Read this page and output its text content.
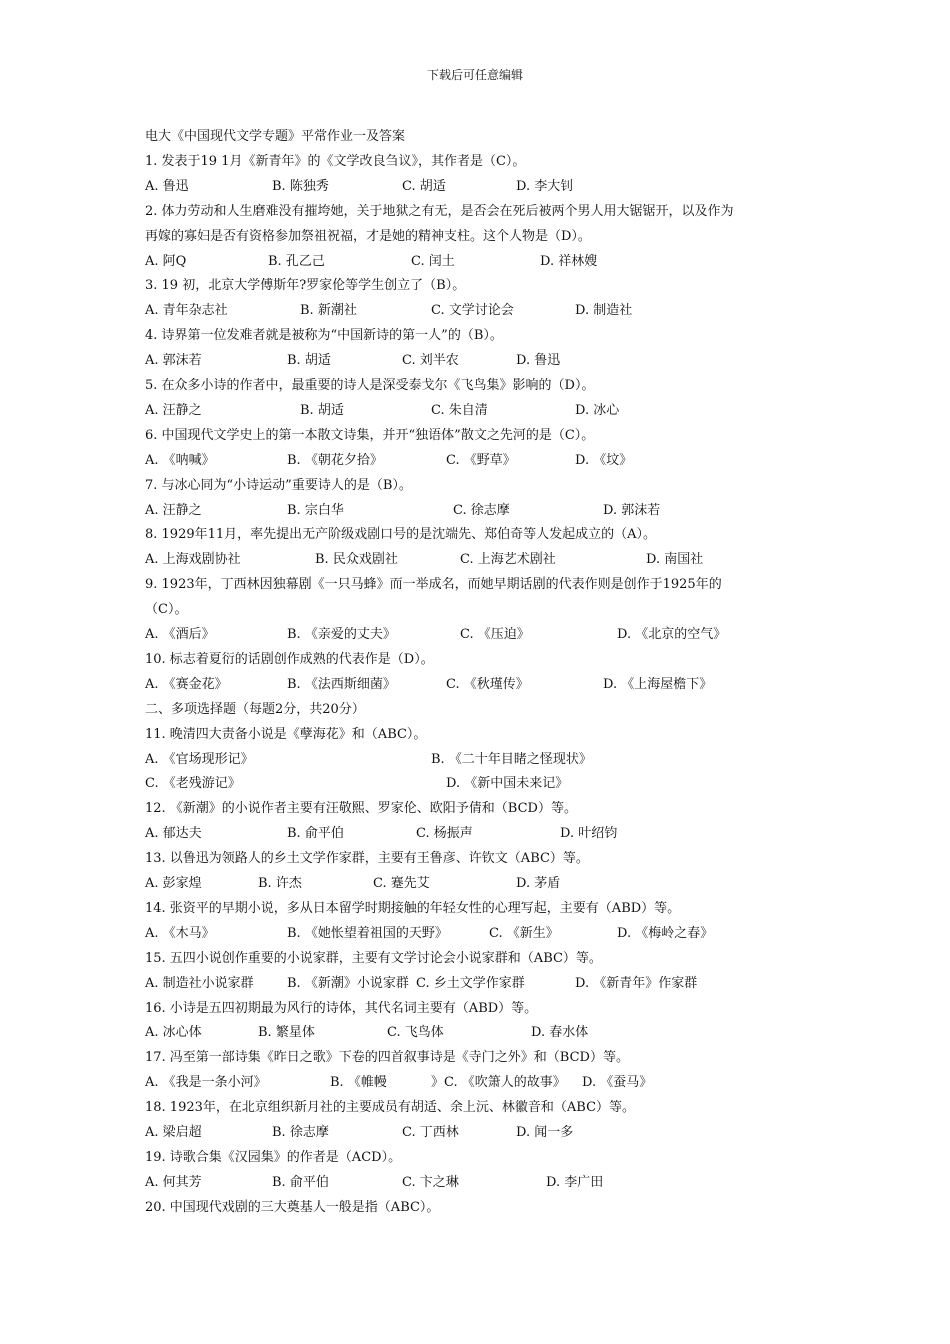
下载后可任意编辑
电大《中国现代文学专题》平常作业一及答案
1. 发表于19 1月《新青年》的《文学改良刍议》，其作者是（C）。
A. 鲁迅	B. 陈独秀	C. 胡适	D. 李大钊
2. 体力劳动和人生磨难没有摧垮她，关于地狱之有无，是否会在死后被两个男人用大锯锯开，以及作为
再嫁的寡妇是否有资格参加祭祖祝福，才是她的精神支柱。这个人物是（D）。
A. 阿Q	B. 孔乙己	C. 闰土	D. 祥林嫂
3. 19 初，北京大学傅斯年?罗家伦等学生创立了（B）。
A. 青年杂志社	B. 新潮社	C. 文学讨论会	D. 制造社
4. 诗界第一位发难者就是被称为“中国新诗的第一人”的（B）。
A. 郭沫若	B. 胡适	C. 刘半农	D. 鲁迅
5. 在众多小诗的作者中，最重要的诗人是深受泰戈尔《飞鸟集》影响的（D）。
A. 汪静之	B. 胡适	C. 朱自清	D. 冰心
6. 中国现代文学史上的第一本散文诗集，并开“独语体”散文之先河的是（C）。
A. 《呐喊》	B. 《朝花夕拾》	C. 《野草》	D. 《坟》
7. 与冰心同为“小诗运动”重要诗人的是（B）。
A. 汪静之	B. 宗白华	C. 徐志摩	D. 郭沫若
8. 1929年11月，率先提出无产阶级戏剧口号的是沈端先、郑伯奇等人发起成立的（A）。
A. 上海戏剧协社	B. 民众戏剧社	C. 上海艺术剧社	D. 南国社
9. 1923年，丁西林因独幕剧《一只马蜂》而一举成名，而她早期话剧的代表作则是创作于1925年的
（C）。
A. 《酒后》	B. 《亲爱的丈夫》	C. 《压迫》	D. 《北京的空气》
10. 标志着夏衍的话剧创作成熟的代表作是（D）。
A. 《赛金花》	B. 《法西斯细菌》	C. 《秋瑾传》	D. 《上海屋檐下》
二、多项选择题（每题2分，共20分）
11. 晚清四大责备小说是《孽海花》和（ABC）。
A. 《官场现形记》	B. 《二十年目睹之怪现状》
C. 《老残游记》	D. 《新中国未来记》
12. 《新潮》的小说作者主要有汪敬熙、罗家伦、欧阳予倩和（BCD）等。
A. 郁达夫	B. 俞平伯	C. 杨振声	D. 叶绍钧
13. 以鲁迅为领路人的乡土文学作家群，主要有王鲁彦、许钦文（ABC）等。
A. 彭家煌	B. 许杰	C. 蹇先艾	D. 茅盾
14. 张资平的早期小说，多从日本留学时期接触的年轻女性的心理写起，主要有（ABD）等。
A. 《木马》	B. 《她怅望着祖国的天野》	C. 《新生》	D. 《梅岭之春》
15. 五四小说创作重要的小说家群，主要有文学讨论会小说家群和（ABC）等。
A. 制造社小说家群	B. 《新潮》小说家群 C. 乡土文学作家群	D. 《新青年》作家群
16. 小诗是五四初期最为风行的诗体，其代名词主要有（ABD）等。
A. 冰心体	B. 繁星体	C. 飞鸟体	D. 春水体
17. 冯至第一部诗集《昨日之歌》下卷的四首叙事诗是《寺门之外》和（BCD）等。
A. 《我是一条小河》	B. 《帷幔	》C. 《吹箫人的故事》 D. 《蚕马》
18. 1923年，在北京组织新月社的主要成员有胡适、余上沅、林徽音和（ABC）等。
A. 梁启超	B. 徐志摩	C. 丁西林	D. 闻一多
19. 诗歌合集《汉园集》的作者是（ACD）。
A. 何其芳	B. 俞平伯	C. 卞之琳	D. 李广田
20. 中国现代戏剧的三大奠基人一般是指（ABC）。
